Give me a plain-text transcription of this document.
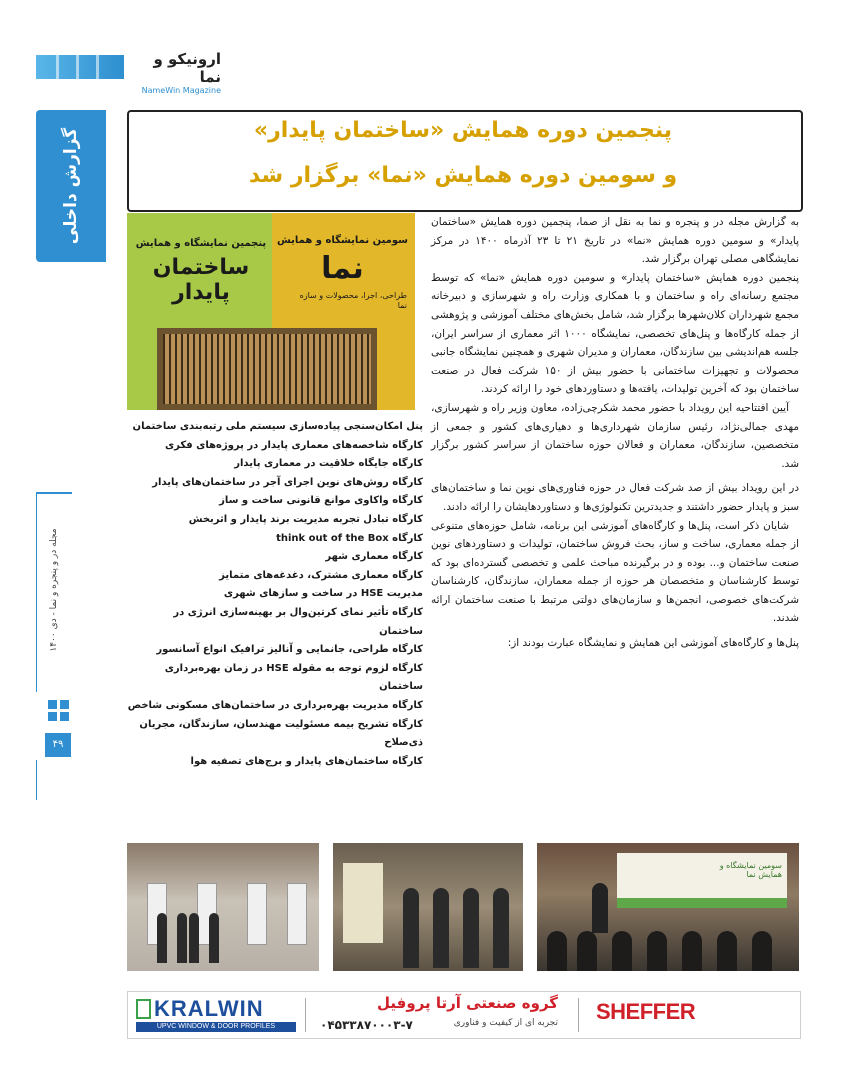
ارونیکو و نما
NameWin Magazine
گزارش داخلی	پنجمین دوره همایش «ساختمان پایدار»
و سومین دوره همایش «نما» برگزار شد
پنجمین نمایشگاه و همایش
ساختمان پایدار
سومین نمایشگاه و همایش
نما
طراحی، اجرا، محصولات و سازه نما

به گزارش مجله در و پنجره و نما به نقل از صما، پنجمین دوره همایش «ساختمان پایدار» و سومین دوره همایش «نما» در تاریخ ۲۱ تا ۲۳ آذرماه ۱۴۰۰ در مرکز نمایشگاهی مصلی تهران برگزار شد.

پنجمین دوره همایش «ساختمان پایدار» و سومین دوره همایش «نما» که توسط مجتمع رسانه‌ای راه و ساختمان و با همکاری وزارت راه و شهرسازی و دبیرخانه مجمع شهرداران کلان‌شهرها برگزار شد، شامل بخش‌های مختلف آموزشی و پژوهشی از جمله کارگاه‌ها و پنل‌های تخصصی، نمایشگاه ۱۰۰۰ اثر معماری از سراسر ایران، جلسه هم‌اندیشی بین سازندگان، معماران و مدیران شهری و همچنین نمایشگاه جانبی محصولات و تجهیزات ساختمانی با حضور بیش از ۱۵۰ شرکت فعال در صنعت ساختمان بود که آخرین تولیدات، یافته‌ها و دستاوردهای خود را ارائه کردند.

آیین افتتاحیه این رویداد با حضور محمد شکرچی‌زاده، معاون وزیر راه و شهرسازی، مهدی جمالی‌نژاد، رئیس سازمان شهرداری‌ها و دهیاری‌های کشور و جمعی از متخصصین، سازندگان، معماران و فعالان حوزه ساختمان از سراسر کشور برگزار شد.

در این رویداد بیش از صد شرکت فعال در حوزه فناوری‌های نوین نما و ساختمان‌های سبز و پایدار حضور داشتند و جدیدترین تکنولوژی‌ها و دستاوردهایشان را ارائه دادند.

شایان ذکر است، پنل‌ها و کارگاه‌های آموزشی این برنامه، شامل حوزه‌های متنوعی از جمله معماری، ساخت و ساز، بحث فروش ساختمان، تولیدات و دستاوردهای نوین صنعت ساختمان و... بوده و در برگیرنده مباحث علمی و تخصصی گسترده‌ای بود که توسط کارشناسان و متخصصان هر حوزه از جمله معماران، سازندگان، کارشناسان شرکت‌های خصوصی، انجمن‌ها و سازمان‌های دولتی مرتبط با صنعت ساختمان ارائه شدند.

پنل‌ها و کارگاه‌های آموزشی این همایش و نمایشگاه عبارت بودند از:

پنل امکان‌سنجی پیاده‌سازی سیستم ملی رتبه‌بندی ساختمان
کارگاه شاخصه‌های معماری پایدار در پروژه‌های فکری
کارگاه جایگاه خلاقیت در معماری پایدار
کارگاه روش‌های نوین اجرای آجر در ساختمان‌های پایدار
کارگاه واکاوی موانع قانونی ساخت و ساز
کارگاه تبادل تجربه مدیریت برند پایدار و اثربخش
کارگاه think out of the Box
کارگاه معماری شهر
کارگاه معماری مشترک، دغدغه‌های متمایز
مدیریت HSE در ساخت و سازهای شهری
کارگاه تأثیر نمای کرتین‌وال بر بهینه‌سازی انرژی در ساختمان
کارگاه طراحی، جانمایی و آنالیز ترافیک انواع آسانسور
کارگاه لزوم توجه به مقوله HSE در زمان بهره‌برداری ساختمان
کارگاه مدیریت بهره‌برداری در ساختمان‌های مسکونی شاخص
کارگاه تشریح بیمه مسئولیت مهندسان، سازندگان، مجریان ذی‌صلاح
کارگاه ساختمان‌های پایدار و برج‌های تصفیه هوا
مجله در و پنجره و نما - دی ۱۴۰۰
۴۹
سومین نمایشگاه و همایش نما
KRALWIN
UPVC WINDOW & DOOR PROFILES
گروه صنعتی آرتا پروفیل
تجربه ای از کیفیت و فناوری
۰۴۵۳۳۸۷۰۰۰۳-۷
SHEFFER
